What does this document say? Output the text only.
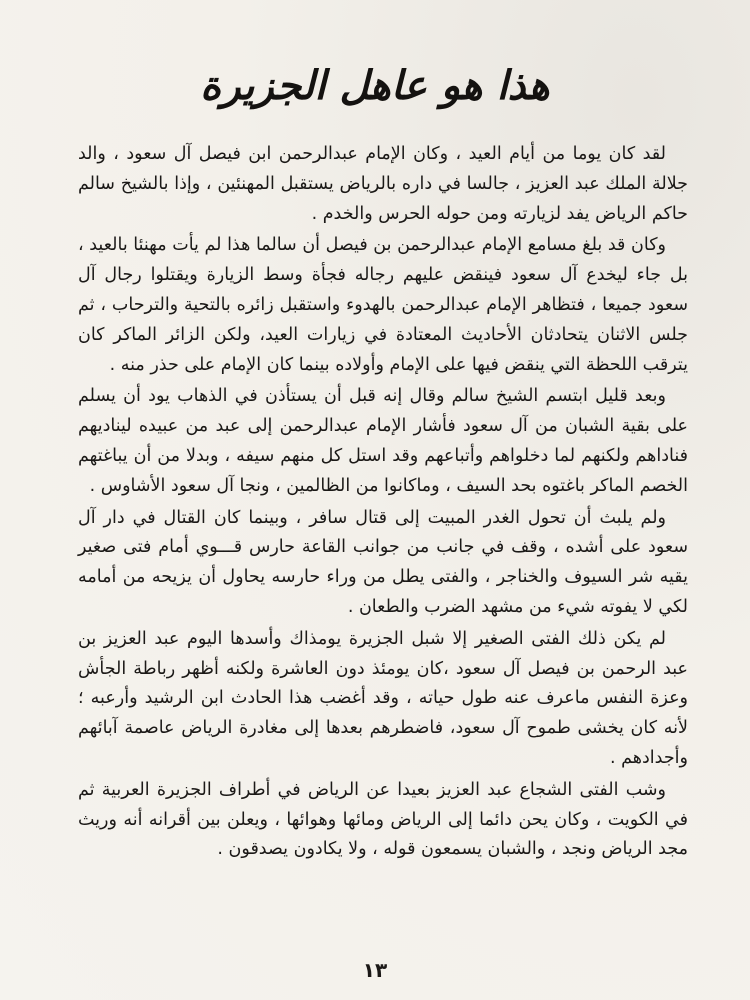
هذا هو عاهل الجزيرة

لقد كان يوما من أيام العيد ، وكان الإمام عبدالرحمن ابن فيصل آل سعود ، والد جلالة الملك عبد العزيز ، جالسا في داره بالرياض يستقبل المهنئين ، وإذا بالشيخ سالم حاكم الرياض يفد لزيارته ومن حوله الحرس والخدم .

وكان قد بلغ مسامع الإمام عبدالرحمن بن فيصل أن سالما هذا لم يأت مهنئا بالعيد ، بل جاء ليخدع آل سعود فينقض عليهم رجاله فجأة وسط الزيارة ويقتلوا رجال آل سعود جميعا ، فتظاهر الإمام عبدالرحمن بالهدوء واستقبل زائره بالتحية والترحاب ، ثم جلس الاثنان يتحادثان الأحاديث المعتادة في زيارات العيد، ولكن الزائر الماكر كان يترقب اللحظة التي ينقض فيها على الإمام وأولاده بينما كان الإمام على حذر منه .

وبعد قليل ابتسم الشيخ سالم وقال إنه قبل أن يستأذن في الذهاب يود أن يسلم على بقية الشبان من آل سعود فأشار الإمام عبدالرحمن إلى عبد من عبيده ليناديهم فناداهم ولكنهم لما دخلواهم وأتباعهم وقد استل كل منهم سيفه ، وبدلا من أن يباغتهم الخصم الماكر باغتوه بحد السيف ، وماكانوا من الظالمين ، ونجا آل سعود الأشاوس .

ولم يلبث أن تحول الغدر المبيت إلى قتال سافر ، وبينما كان القتال في دار آل سعود على أشده ، وقف في جانب من جوانب القاعة حارس قـــوي أمام فتى صغير يقيه شر السيوف والخناجر ، والفتى يطل من وراء حارسه يحاول أن يزيحه من أمامه لكي لا يفوته شيء من مشهد الضرب والطعان .

لم يكن ذلك الفتى الصغير إلا شبل الجزيرة يومذاك وأسدها اليوم عبد العزيز بن عبد الرحمن بن فيصل آل سعود ،كان يومئذ دون العاشرة ولكنه أظهر رباطة الجأش وعزة النفس ماعرف عنه طول حياته ، وقد أغضب هذا الحادث ابن الرشيد وأرعبه ؛ لأنه كان يخشى طموح آل سعود، فاضطرهم بعدها إلى مغادرة الرياض عاصمة آبائهم وأجدادهم .

وشب الفتى الشجاع عبد العزيز بعيدا عن الرياض في أطراف الجزيرة العربية ثم في الكويت ، وكان يحن دائما إلى الرياض ومائها وهوائها ، ويعلن بين أقرانه أنه وريث مجد الرياض ونجد ، والشبان يسمعون قوله ، ولا يكادون يصدقون .

١٣
